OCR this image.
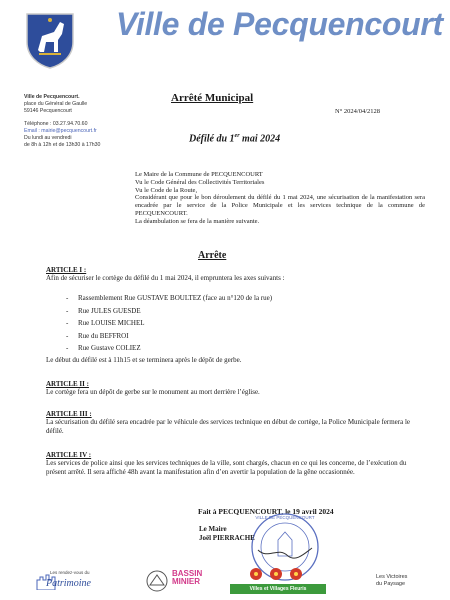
Ville de Pecquencourt
Ville de Pecquencourt.
place du Général de Gaulle
59146 Pecquencourt
Téléphone : 03.27.94.70.60
Email : mairie@pecquencourt.fr
Du lundi au vendredi
de 8h à 12h et de 13h30 à 17h30
Arrêté Municipal
N° 2024/04/2128
Défilé du 1er mai 2024
Le Maire de la Commune de PECQUENCOURT
Vu le Code Général des Collectivités Territoriales
Vu le Code de la Route,
Considérant que pour le bon déroulement du défilé du 1 mai 2024, une sécurisation de la manifestation sera encadrée par le service de la Police Municipale et les services technique de la commune de PECQUENCOURT.
La déambulation se fera de la manière suivante.
Arrête
ARTICLE I :
Afin de sécuriser le cortège du défilé du 1 mai 2024, il empruntera les axes suivants :
- Rassemblement Rue GUSTAVE BOULTEZ (face au n°120 de la rue)
- Rue JULES GUESDE
- Rue LOUISE MICHEL
- Rue du BEFFROI
- Rue Gustave COLIEZ
Le début du défilé est à 11h15 et se terminera après le dépôt de gerbe.
ARTICLE II :
Le cortège fera un dépôt de gerbe sur le monument au mort derrière l’église.
ARTICLE III :
La sécurisation du défilé sera encadrée par le véhicule des services technique en début de cortège, la Police Municipale fermera le défilé.
ARTICLE IV :
Les services de police ainsi que les services techniques de la ville, sont chargés, chacun en ce qui les concerne, de l’exécution du présent arrêté. Il sera affiché 48h avant la manifestation afin d’en avertir la population de la gêne occasionnée.
Fait à PECQUENCOURT, le 19 avril 2024
VILLE DE PECQUENCOURT
Le Maire
Joël PIERRACHE
Les rendez-vous du
Patrimoine
BASSIN
MINIER
Villes et Villages Fleuris
Les Victoires
du Paysage
